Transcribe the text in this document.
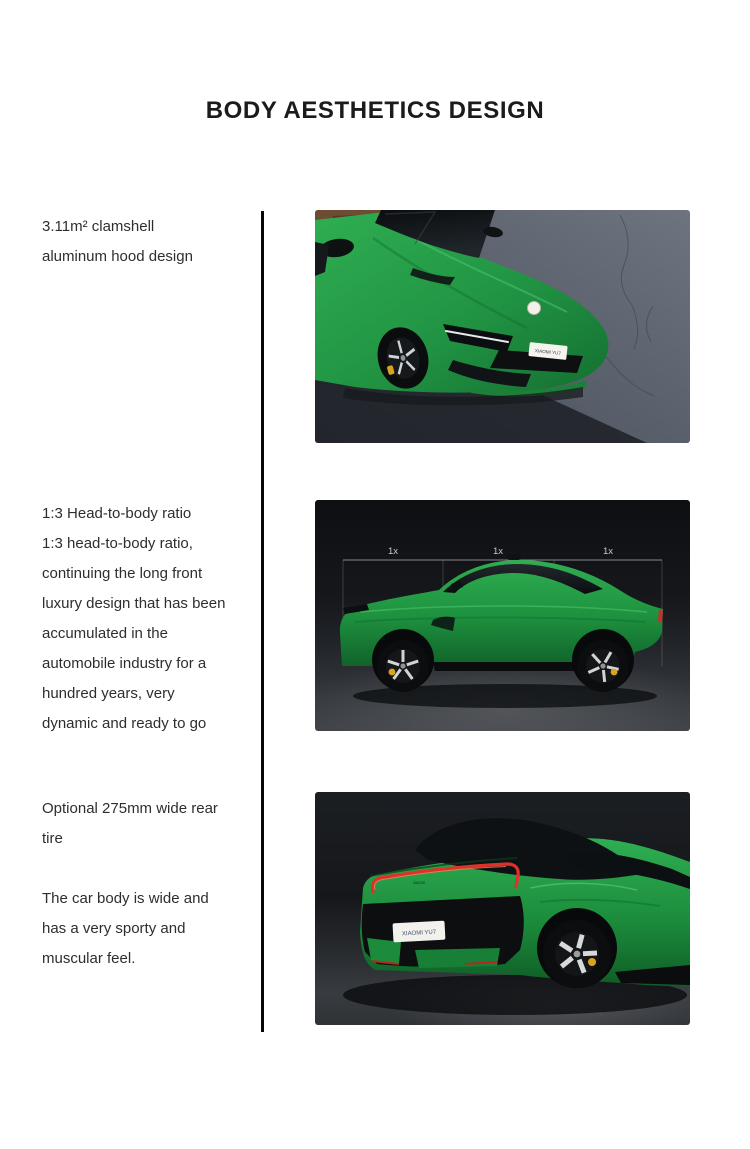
BODY AESTHETICS DESIGN
3.11m² clamshell
aluminum hood design
1:3 Head-to-body ratio
1:3 head-to-body ratio,
continuing the long front
luxury design that has been
accumulated in the
automobile industry for a
hundred years, very
dynamic and ready to go
Optional 275mm wide rear
tire
The car body is wide and
has a very sporty and
muscular feel.
XIAOMI YU7
1x	1x	1x
xiaomi
XIAOMI YU7
